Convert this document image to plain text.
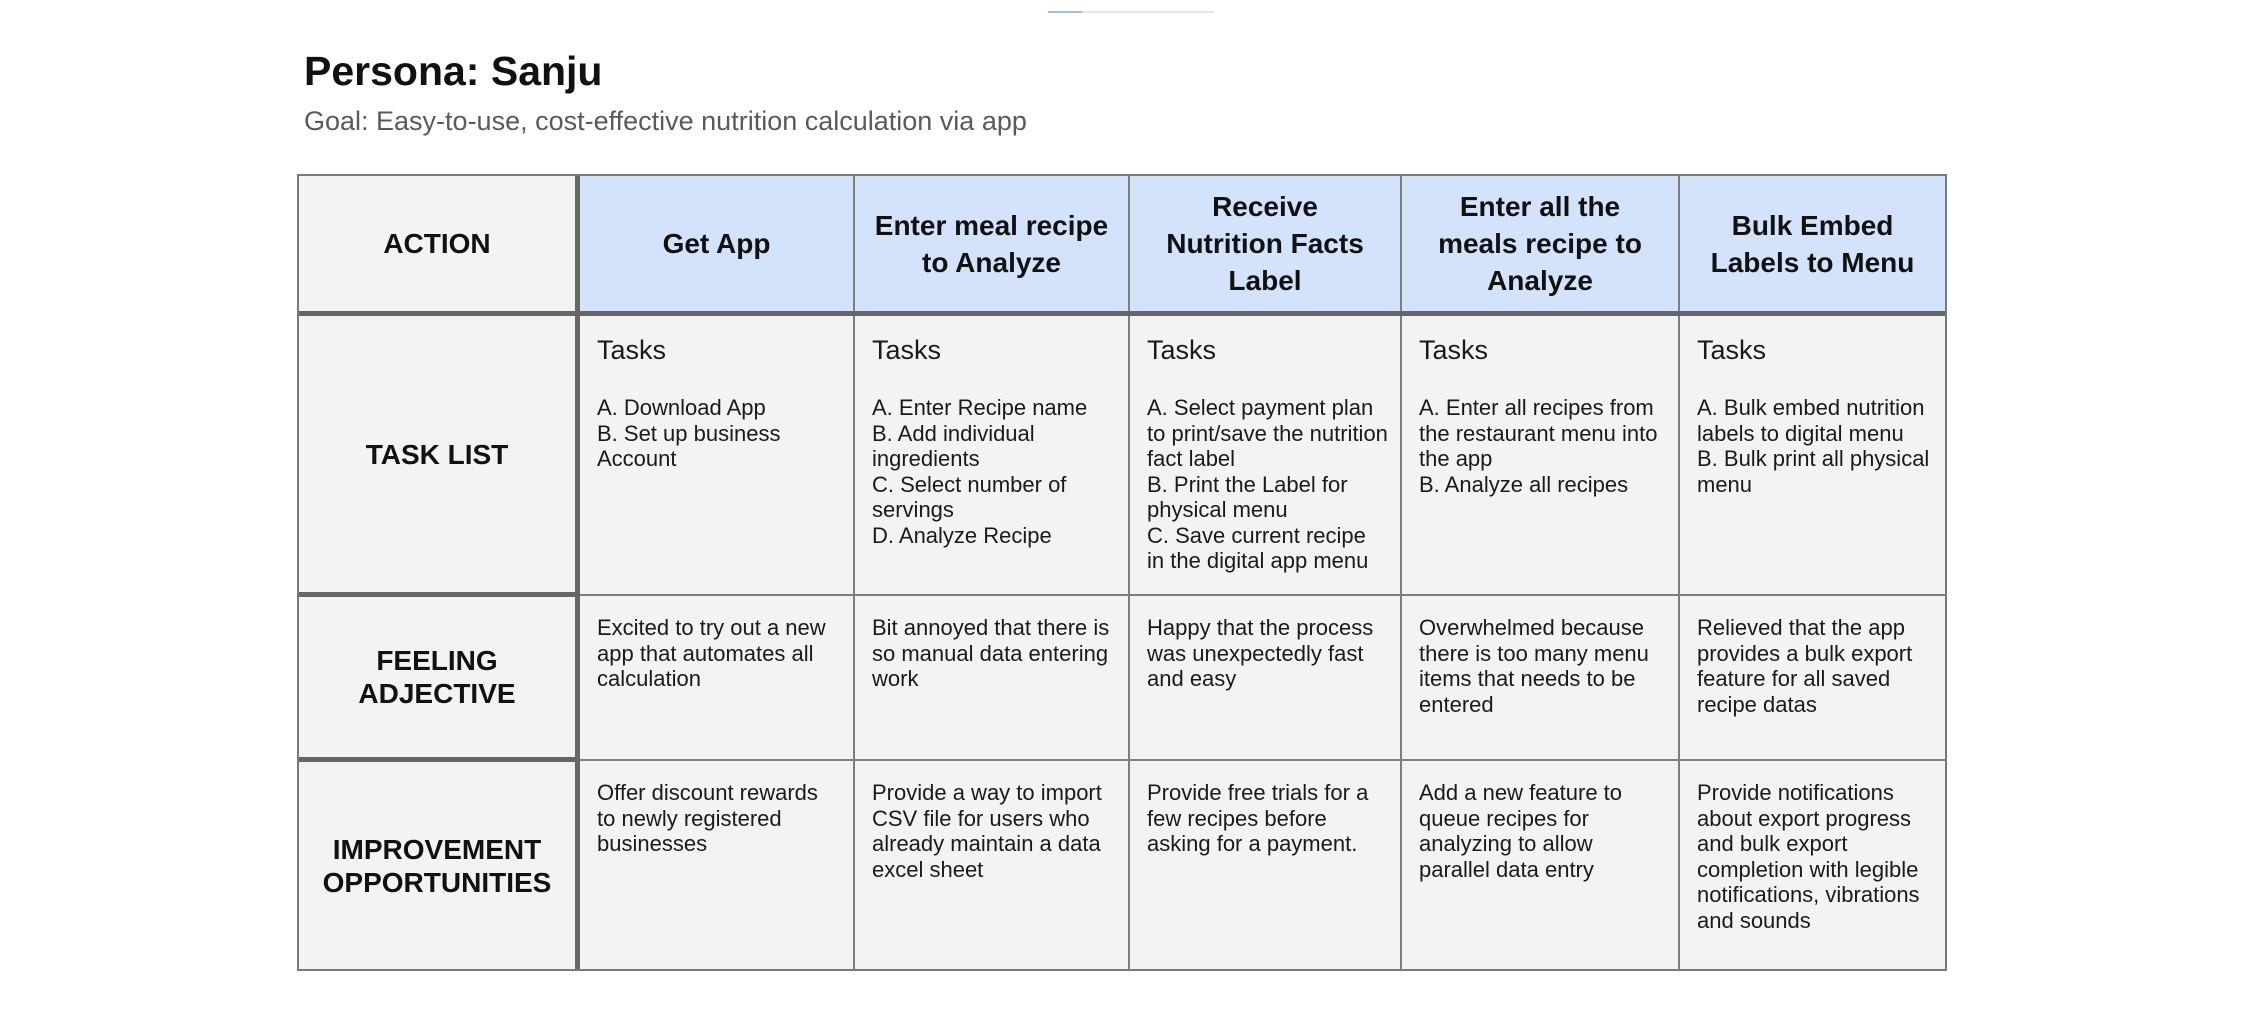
Persona: Sanju
Goal: Easy-to-use, cost-effective nutrition calculation via app
ACTION	Get App
Enter meal recipe to Analyze
Receive Nutrition Facts Label
Enter all the meals recipe to Analyze
Bulk Embed Labels to Menu
TASK LIST
Tasks
A. Download App
B. Set up business Account
Tasks
A. Enter Recipe name
B. Add individual ingredients
C. Select number of servings
D. Analyze Recipe
Tasks
A. Select payment plan to print/save the nutrition fact label
B. Print the Label for physical menu
C. Save current recipe in the digital app menu
Tasks
A. Enter all recipes from the restaurant menu into the app
B. Analyze all recipes
Tasks
A. Bulk embed nutrition labels to digital menu
B. Bulk print all physical menu
FEELING
ADJECTIVE
Excited to try out a new app that automates all calculation
Bit annoyed that there is so manual data entering work
Happy that the process was unexpectedly fast and easy
Overwhelmed because there is too many menu items that needs to be entered
Relieved that the app provides a bulk export feature for all saved recipe datas
IMPROVEMENT
OPPORTUNITIES
Offer discount rewards to newly registered businesses
Provide a way to import CSV file for users who already maintain a data excel sheet
Provide free trials for a few recipes before asking for a payment.
Add a new feature to queue recipes for analyzing to allow parallel data entry
Provide notifications about export progress and bulk export completion with legible notifications, vibrations and sounds
